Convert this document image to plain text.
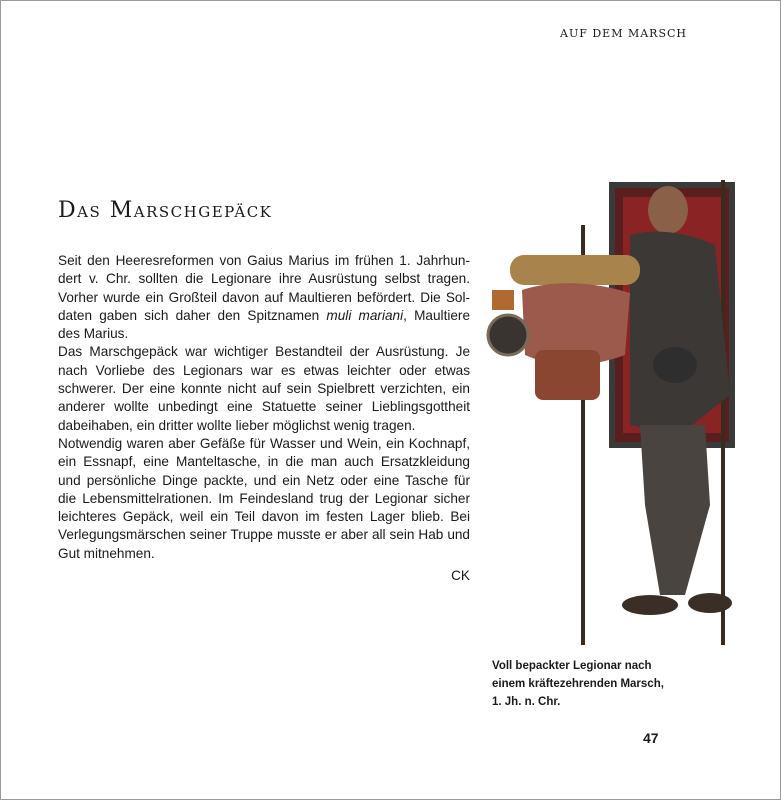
AUF DEM MARSCH
Das Marschgepäck
Seit den Heeresreformen von Gaius Marius im frühen 1. Jahrhun-
dert v. Chr. sollten die Legionare ihre Ausrüstung selbst tragen.
Vorher wurde ein Großteil davon auf Maultieren befördert. Die Sol-
daten gaben sich daher den Spitznamen muli mariani, Maultiere
des Marius.
Das Marschgepäck war wichtiger Bestandteil der Ausrüstung. Je
nach Vorliebe des Legionars war es etwas leichter oder etwas
schwerer. Der eine konnte nicht auf sein Spielbrett verzichten, ein
anderer wollte unbedingt eine Statuette seiner Lieblingsgottheit
dabeihaben, ein dritter wollte lieber möglichst wenig tragen.
Notwendig waren aber Gefäße für Wasser und Wein, ein Kochnapf,
ein Essnapf, eine Manteltasche, in die man auch Ersatzkleidung
und persönliche Dinge packte, und ein Netz oder eine Tasche für
die Lebensmittelrationen. Im Feindesland trug der Legionar sicher
leichteres Gepäck, weil ein Teil davon im festen Lager blieb. Bei
Verlegungsmärschen seiner Truppe musste er aber all sein Hab und
Gut mitnehmen.
CK
Voll bepackter Legionar nach
einem kräftezehrenden Marsch,
1. Jh. n. Chr.
47
